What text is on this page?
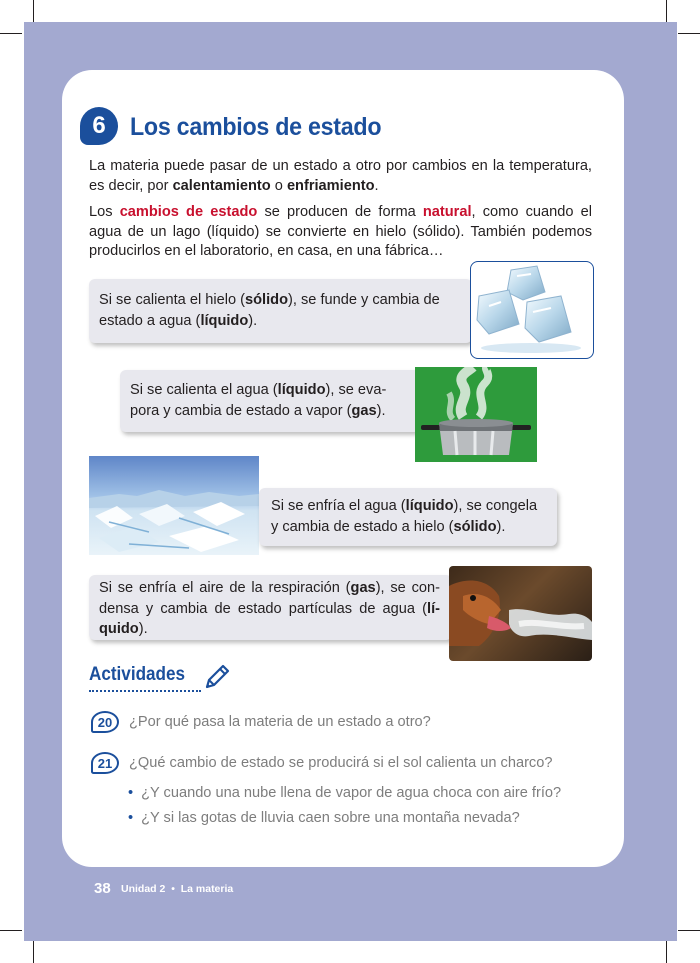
6 Los cambios de estado
La materia puede pasar de un estado a otro por cambios en la temperatura, es decir, por calentamiento o enfriamiento.
Los cambios de estado se producen de forma natural, como cuando el agua de un lago (líquido) se convierte en hielo (sólido). También podemos producirlos en el laboratorio, en casa, en una fábrica…
Si se calienta el hielo (sólido), se funde y cambia de estado a agua (líquido).
Si se calienta el agua (líquido), se evapora y cambia de estado a vapor (gas).
Si se enfría el agua (líquido), se congela y cambia de estado a hielo (sólido).
Si se enfría el aire de la respiración (gas), se condensa y cambia de estado partículas de agua (líquido).
Actividades
20	¿Por qué pasa la materia de un estado a otro?
21	¿Qué cambio de estado se producirá si el sol calienta un charco?
• ¿Y cuando una nube llena de vapor de agua choca con aire frío?
• ¿Y si las gotas de lluvia caen sobre una montaña nevada?
38 Unidad 2 • La materia
